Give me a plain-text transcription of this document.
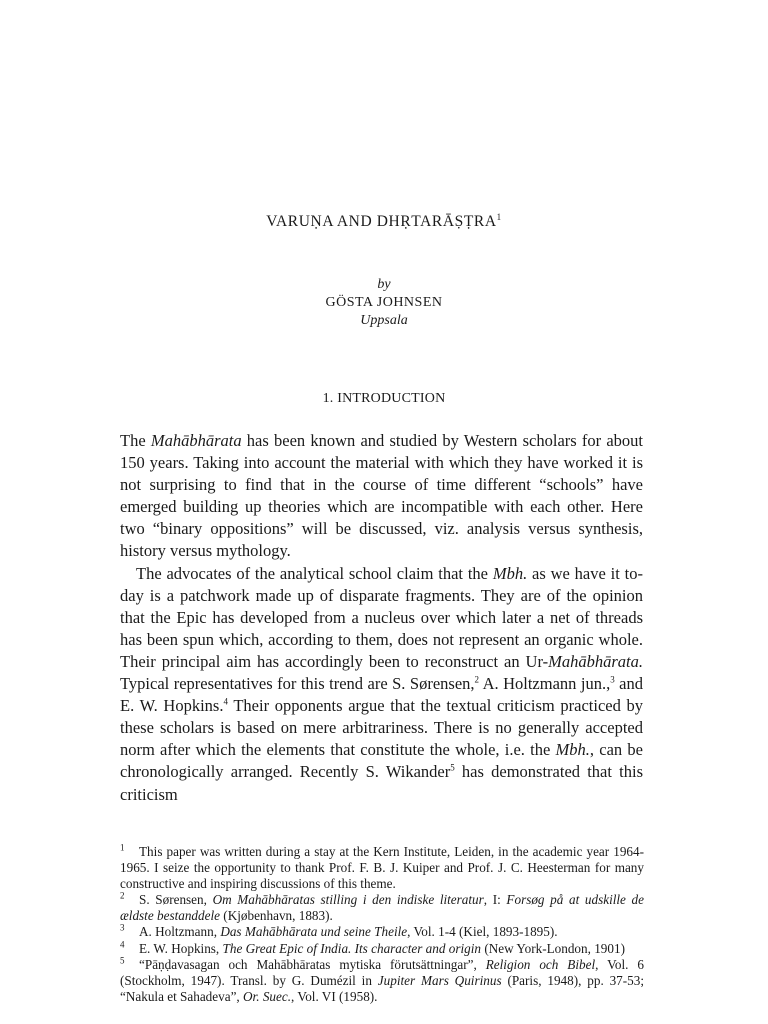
VARUṆA AND DHṚTARĀṢṬRA$^1$
by
GÖSTA JOHNSEN
Uppsala
1. INTRODUCTION

The Mahābhārata has been known and studied by Western scholars for about 150 years. Taking into account the material with which they have worked it is not surprising to find that in the course of time different “schools” have emerged building up theories which are incompatible with each other. Here two “binary oppositions” will be discussed, viz. analysis versus synthesis, history versus mythology.

The advocates of the analytical school claim that the Mbh. as we have it to-day is a patchwork made up of disparate fragments. They are of the opinion that the Epic has developed from a nucleus over which later a net of threads has been spun which, according to them, does not represent an organic whole. Their principal aim has accordingly been to reconstruct an Ur-Mahābhārata. Typical representatives for this trend are S. Sørensen,$^2$ A. Holtzmann jun.,$^3$ and E. W. Hopkins.$^4$ Their opponents argue that the textual criticism practiced by these scholars is based on mere arbitrariness. There is no generally accepted norm after which the elements that constitute the whole, i.e. the Mbh., can be chronologically arranged. Recently S. Wikander$^5$ has demonstrated that this criticism

$^1$ This paper was written during a stay at the Kern Institute, Leiden, in the academic year 1964-1965. I seize the opportunity to thank Prof. F. B. J. Kuiper and Prof. J. C. Heesterman for many constructive and inspiring discussions of this theme.

$^2$ S. Sørensen, Om Mahābhāratas stilling i den indiske literatur, I: Forsøg på at udskille de ældste bestanddele (Kjøbenhavn, 1883).

$^3$ A. Holtzmann, Das Mahābhārata und seine Theile, Vol. 1-4 (Kiel, 1893-1895).

$^4$ E. W. Hopkins, The Great Epic of India. Its character and origin (New York-London, 1901)

$^5$ “Pāṇḍavasagan och Mahābhāratas mytiska förutsättningar”, Religion och Bibel, Vol. 6 (Stockholm, 1947). Transl. by G. Dumézil in Jupiter Mars Quirinus (Paris, 1948), pp. 37-53; “Nakula et Sahadeva”, Or. Suec., Vol. VI (1958).
